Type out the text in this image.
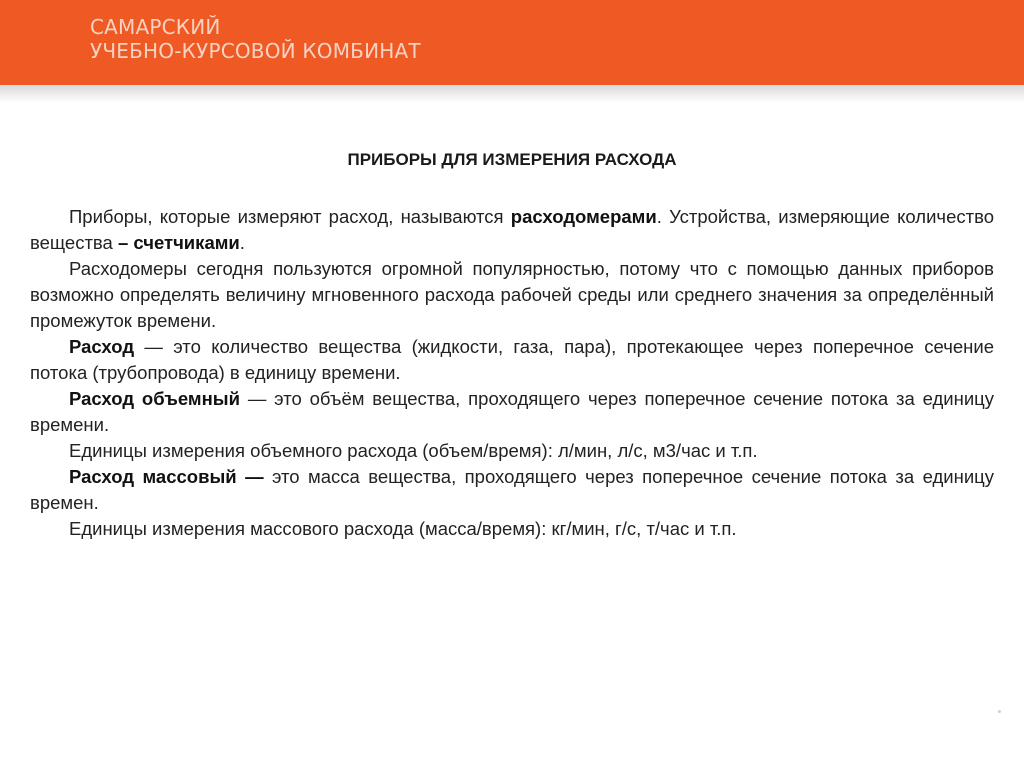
САМАРСКИЙ
УЧЕБНО-КУРСОВОЙ КОМБИНАТ
ПРИБОРЫ ДЛЯ ИЗМЕРЕНИЯ РАСХОДА

Приборы, которые измеряют расход, называются расходомерами. Устройства, измеряющие количество вещества – счетчиками.

Расходомеры сегодня пользуются огромной популярностью, потому что с помощью данных приборов возможно определять величину мгновенного расхода рабочей среды или среднего значения за определённый промежуток времени.

Расход — это количество вещества (жидкости, газа, пара), протекающее через поперечное сечение потока (трубопровода) в единицу времени.

Расход объемный — это объём вещества, проходящего через поперечное сечение потока за единицу времени.

Единицы измерения объемного расхода (объем/время): л/мин, л/с, м3/час и т.п.

Расход массовый — это масса вещества, проходящего через поперечное сечение потока за единицу времен.

Единицы измерения массового расхода (масса/время): кг/мин, г/с, т/час и т.п.
